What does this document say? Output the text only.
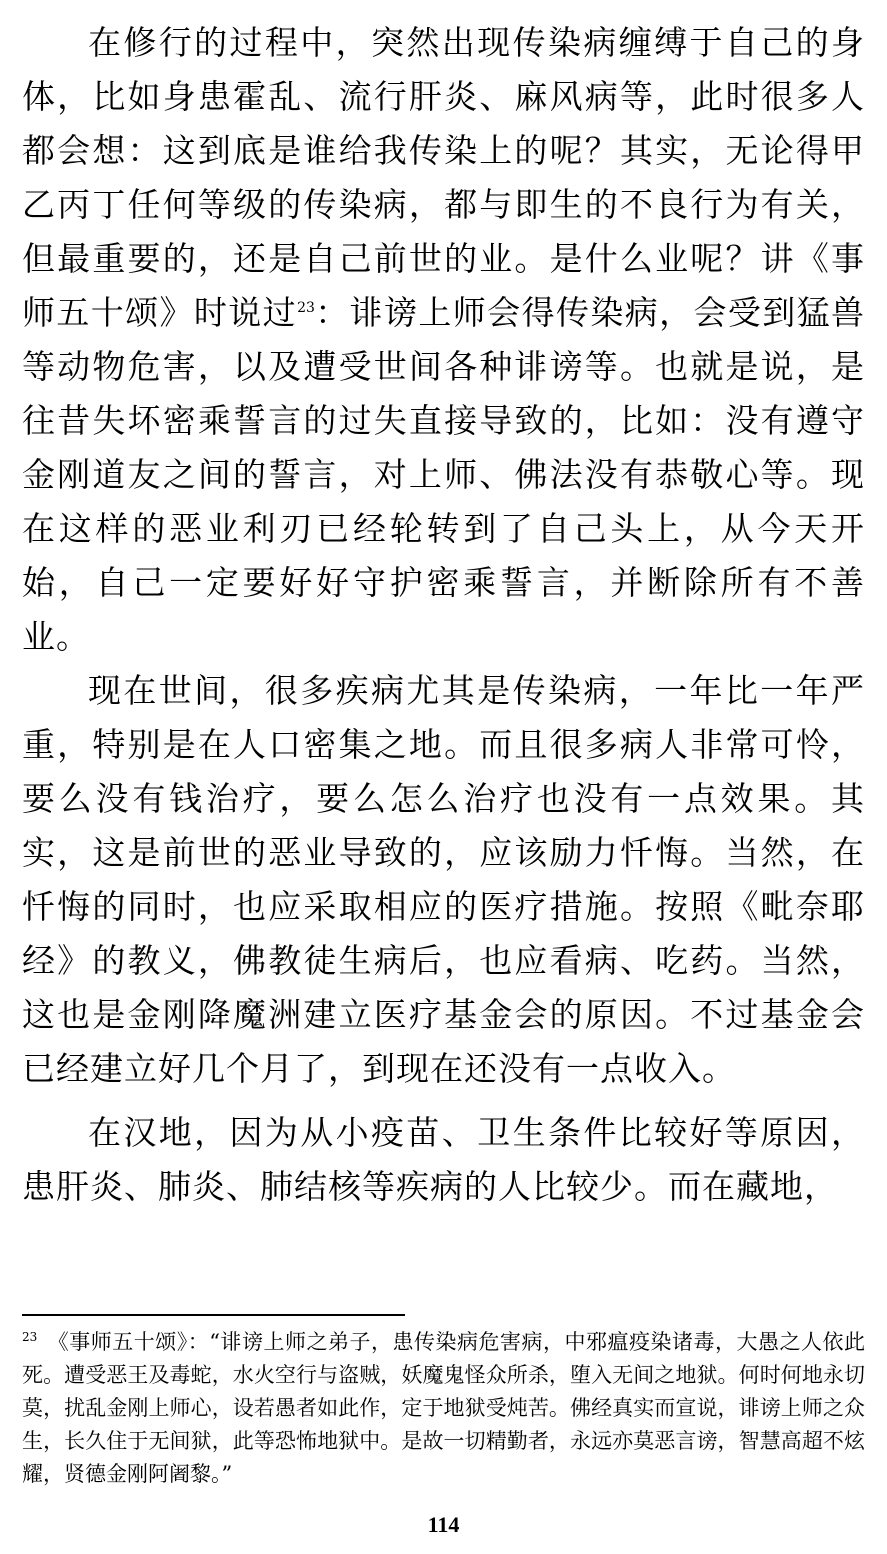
在修行的过程中，突然出现传染病缠缚于自己的身体，比如身患霍乱、流行肝炎、麻风病等，此时很多人都会想：这到底是谁给我传染上的呢？其实，无论得甲乙丙丁任何等级的传染病，都与即生的不良行为有关，但最重要的，还是自己前世的业。是什么业呢？讲《事师五十颂》时说过$^{23}$：诽谤上师会得传染病，会受到猛兽等动物危害，以及遭受世间各种诽谤等。也就是说，是往昔失坏密乘誓言的过失直接导致的，比如：没有遵守金刚道友之间的誓言，对上师、佛法没有恭敬心等。现在这样的恶业利刃已经轮转到了自己头上，从今天开始，自己一定要好好守护密乘誓言，并断除所有不善业。

现在世间，很多疾病尤其是传染病，一年比一年严重，特别是在人口密集之地。而且很多病人非常可怜，要么没有钱治疗，要么怎么治疗也没有一点效果。其实，这是前世的恶业导致的，应该励力忏悔。当然，在忏悔的同时，也应采取相应的医疗措施。按照《毗奈耶经》的教义，佛教徒生病后，也应看病、吃药。当然，这也是金刚降魔洲建立医疗基金会的原因。不过基金会已经建立好几个月了，到现在还没有一点收入。

在汉地，因为从小疫苗、卫生条件比较好等原因，患肝炎、肺炎、肺结核等疾病的人比较少。而在藏地，

$^{23}$ 《事师五十颂》：“诽谤上师之弟子，患传染病危害病，中邪瘟疫染诸毒，大愚之人依此死。遭受恶王及毒蛇，水火空行与盗贼，妖魔鬼怪众所杀，堕入无间之地狱。何时何地永切莫，扰乱金刚上师心，设若愚者如此作，定于地狱受炖苦。佛经真实而宣说，诽谤上师之众生，长久住于无间狱，此等恐怖地狱中。是故一切精勤者，永远亦莫恶言谤，智慧高超不炫耀，贤德金刚阿阇黎。”

114
